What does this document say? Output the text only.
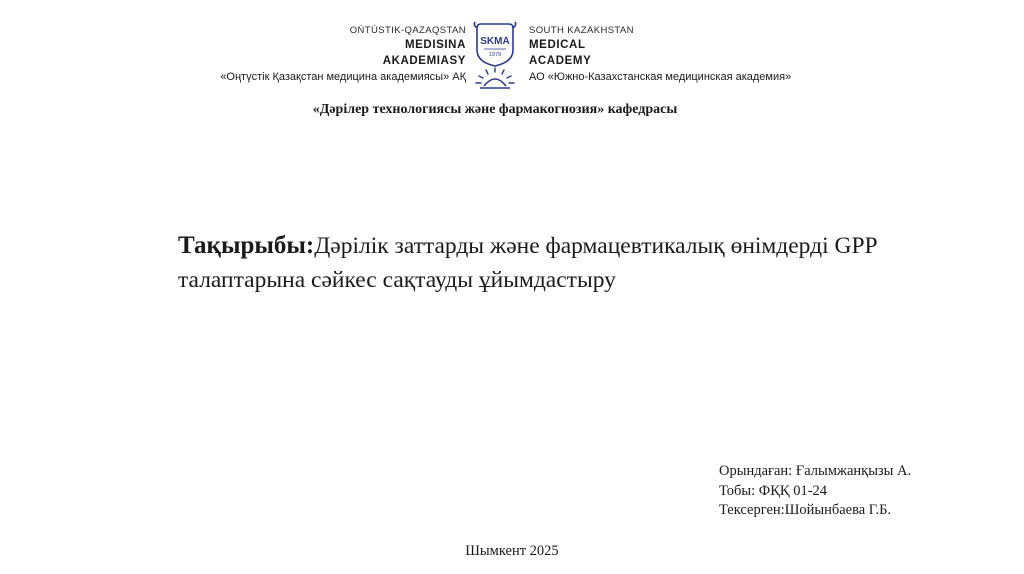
OŃTÚSTIK-QAZAQSTAN
MEDISINA
AKADEMIASY
«Оңтүстік Қазақстан медицина академиясы» АҚ
SKMA
1979
SOUTH KAZAKHSTAN
MEDICAL
ACADEMY
АО «Южно-Казахстанская медицинская академия»
«Дәрілер технологиясы және фармакогнозия» кафедрасы
Тақырыбы:Дәрілік заттарды және фармацевтикалық өнімдерді GPP талаптарына сәйкес сақтауды ұйымдастыру
Орындаған: Ғалымжанқызы А.
Тобы: ФҚҚ 01-24
Тексерген:Шойынбаева Г.Б.
Шымкент 2025
